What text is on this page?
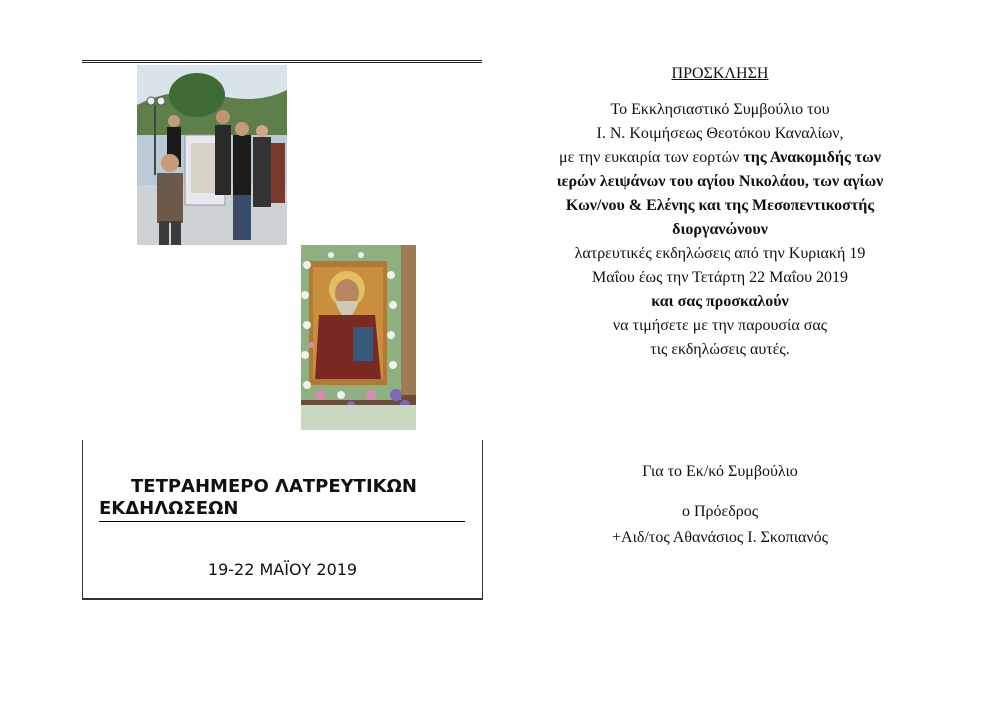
ΤΕΤΡΑΗΜΕΡΟ ΛΑΤΡΕΥΤΙΚΩΝ
ΕΚΔΗΛΩΣΕΩΝ
19-22 ΜΑΪΟΥ 2019
ΠΡΟΣΚΛΗΣΗ
Το Εκκλησιαστικό Συμβούλιο του
Ι. Ν. Κοιμήσεως Θεοτόκου Καναλίων,
με την ευκαιρία των εορτών της Ανακομιδής των
ιερών λειψάνων του αγίου Νικολάου, των αγίων
Κων/νου & Ελένης και της Μεσοπεντικοστής
διοργανώνουν
λατρευτικές εκδηλώσεις από την Κυριακή 19
Μαΐου έως την Τετάρτη 22 Μαΐου 2019
και σας προσκαλούν
να τιμήσετε με την παρουσία σας
τις εκδηλώσεις αυτές.
Για το Εκ/κό Συμβούλιο
ο Πρόεδρος
+Αιδ/τος Αθανάσιος Ι. Σκοπιανός
